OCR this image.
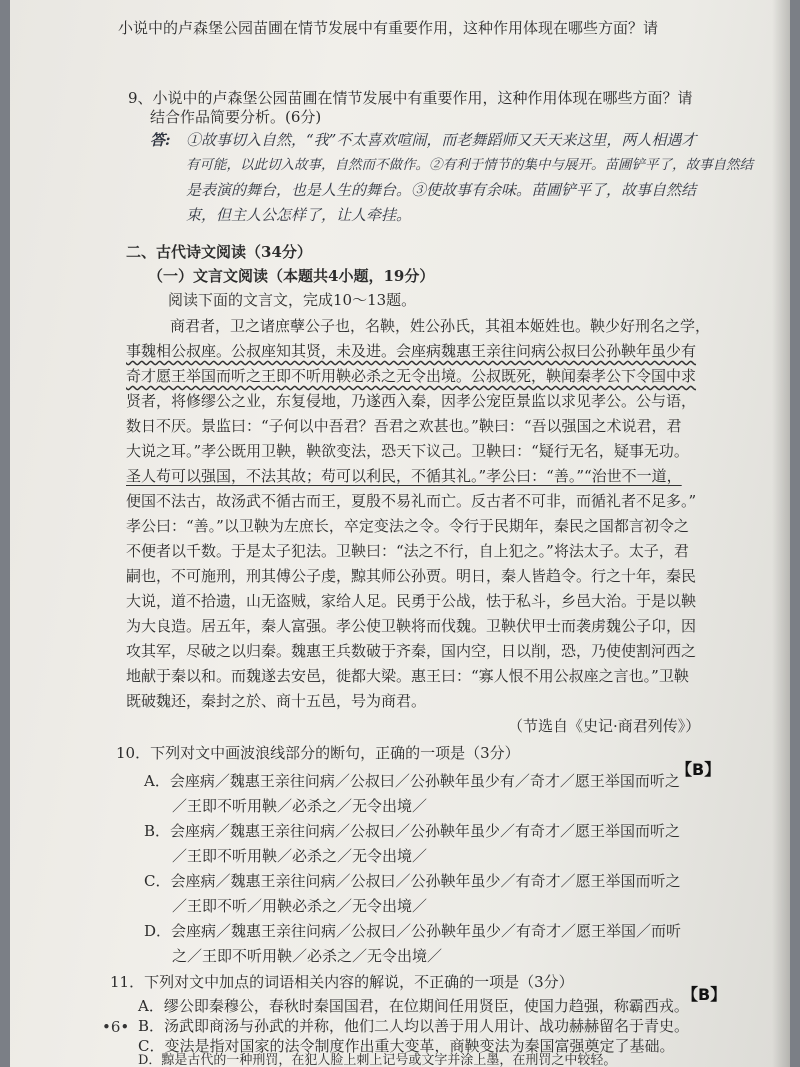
小说中的卢森堡公园苗圃在情节发展中有重要作用，这种作用体现在哪些方面？请
9、小说中的卢森堡公园苗圃在情节发展中有重要作用，这种作用体现在哪些方面？请
结合作品简要分析。(6分)
答: ①故事切入自然，“我”不太喜欢喧闹，而老舞蹈师又天天来这里，两人相遇才
有可能，以此切入故事，自然而不做作。②有利于情节的集中与展开。苗圃铲平了，故事自然结
是表演的舞台，也是人生的舞台。③使故事有余味。苗圃铲平了，故事自然结
束，但主人公怎样了，让人牵挂。
二、古代诗文阅读（34分）
（一）文言文阅读（本题共4小题，19分）
阅读下面的文言文，完成10～13题。
商君者，卫之诸庶孽公子也，名鞅，姓公孙氏，其祖本姬姓也。鞅少好刑名之学，
事魏相公叔座。公叔座知其贤，未及进。会座病魏惠王亲往问病公叔曰公孙鞅年虽少有
奇才愿王举国而听之王即不听用鞅必杀之无令出境。公叔既死，鞅闻秦孝公下令国中求
贤者，将修缪公之业，东复侵地，乃遂西入秦，因孝公宠臣景监以求见孝公。公与语，
数日不厌。景监曰：“子何以中吾君？吾君之欢甚也。”鞅曰：“吾以强国之术说君，君
大说之耳。”孝公既用卫鞅，鞅欲变法，恐天下议己。卫鞅曰：“疑行无名，疑事无功。
圣人苟可以强国，不法其故；苟可以利民，不循其礼。”孝公曰：“善。”“治世不一道，
便国不法古，故汤武不循古而王，夏殷不易礼而亡。反古者不可非，而循礼者不足多。”
孝公曰：“善。”以卫鞅为左庶长，卒定变法之令。令行于民期年，秦民之国都言初令之
不便者以千数。于是太子犯法。卫鞅曰：“法之不行，自上犯之。”将法太子。太子，君
嗣也，不可施刑，刑其傅公子虔，黥其师公孙贾。明日，秦人皆趋令。行之十年，秦民
大说，道不拾遗，山无盗贼，家给人足。民勇于公战，怯于私斗，乡邑大治。于是以鞅
为大良造。居五年，秦人富强。孝公使卫鞅将而伐魏。卫鞅伏甲士而袭虏魏公子卬，因
攻其军，尽破之以归秦。魏惠王兵数破于齐秦，国内空，日以削，恐，乃使使割河西之
地献于秦以和。而魏遂去安邑，徙都大梁。惠王曰：“寡人恨不用公叔座之言也。”卫鞅
既破魏还，秦封之於、商十五邑，号为商君。
（节选自《史记·商君列传》）
10．下列对文中画波浪线部分的断句，正确的一项是（3分）
【B】
A．会座病／魏惠王亲往问病／公叔曰／公孙鞅年虽少有／奇才／愿王举国而听之
／王即不听用鞅／必杀之／无令出境／
B．会座病／魏惠王亲往问病／公叔曰／公孙鞅年虽少／有奇才／愿王举国而听之
／王即不听用鞅／必杀之／无令出境／
C．会座病／魏惠王亲往问病／公叔曰／公孙鞅年虽少／有奇才／愿王举国而听之
／王即不听／用鞅必杀之／无令出境／
D．会座病／魏惠王亲往问病／公叔曰／公孙鞅年虽少／有奇才／愿王举国／而听
之／王即不听用鞅／必杀之／无令出境／
11．下列对文中加点的词语相关内容的解说，不正确的一项是（3分）
【B】
A．缪公即秦穆公，春秋时秦国国君，在位期间任用贤臣，使国力趋强，称霸西戎。
B．汤武即商汤与孙武的并称，他们二人均以善于用人用计、战功赫赫留名于青史。
C．变法是指对国家的法令制度作出重大变革，商鞅变法为秦国富强奠定了基础。
D．黥是古代的一种刑罚，在犯人脸上刺上记号或文字并涂上墨，在刑罚之中较轻。
•6•
